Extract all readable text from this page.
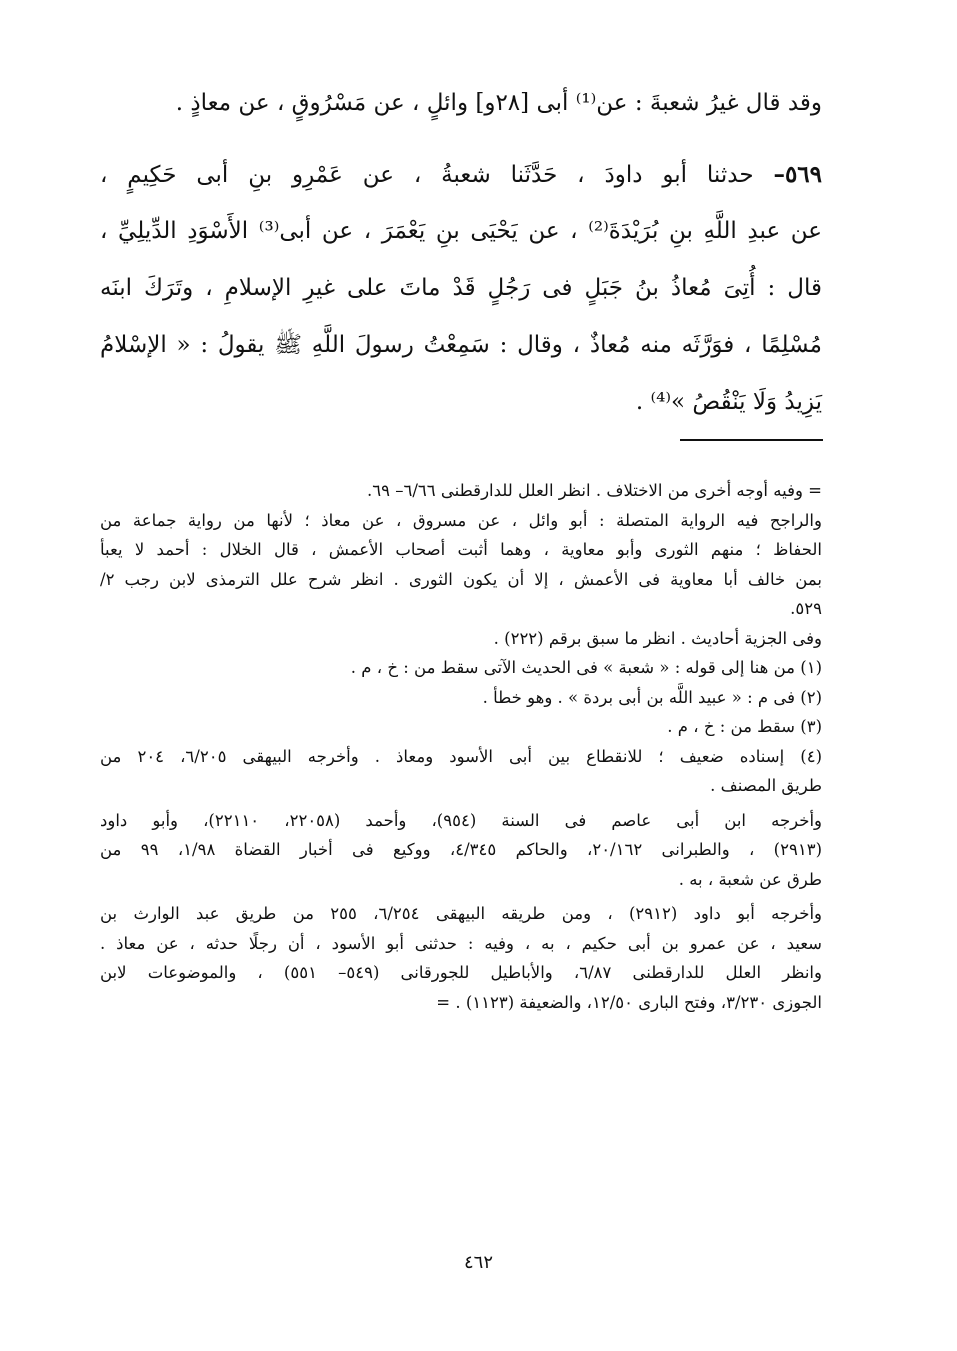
وقد قال غيرُ شعبةَ : عن⁽¹⁾ أبى [٢٨و] وائلٍ ، عن مَسْرُوقٍ ، عن معاذٍ .
٥٦٩– حدثنا أبو داودَ ، حَدَّثَنا شعبةُ ، عن عَمْرِو بنِ أبى حَكِيمٍ ،
عن عبدِ اللَّهِ بنِ بُرَيْدَةَ⁽²⁾ ، عن يَحْيَى بنِ يَعْمَرَ ، عن أبى⁽³⁾ الأَسْوَدِ الدِّيلِيِّ ،
قال : أُتِىَ مُعاذُ بنُ جَبَلٍ فى رَجُلٍ قَدْ ماتَ على غيرِ الإسلامِ ، وتَرَكَ ابنَه
مُسْلِمًا ، فوَرَّثَه منه مُعاذٌ ، وقال : سَمِعْتُ رسولَ اللَّهِ ﷺ يقولُ : « الإسْلامُ
يَزِيدُ وَلَا يَنْقُصُ »⁽⁴⁾ .
= وفيه أوجه أخرى من الاختلاف . انظر العلل للدارقطنى ٦/٦٦– ٦٩.
والراجح فيه الرواية المتصلة : أبو وائل ، عن مسروق ، عن معاذ ؛ لأنها من رواية جماعة من
الحفاظ ؛ منهم الثورى وأبو معاوية ، وهما أثبت أصحاب الأعمش ، قال الخلال : أحمد لا يعبأ
بمن خالف أبا معاوية فى الأعمش ، إلا أن يكون الثورى . انظر شرح علل الترمذى لابن رجب ٢/
٥٢٩.
وفى الجزية أحاديث . انظر ما سبق برقم (٢٢٢) .
(١) من هنا إلى قوله : « شعبة » فى الحديث الآتى سقط من : خ ، م .
(٢) فى م : « عبيد اللَّه بن أبى بردة » . وهو خطأ .
(٣) سقط من : خ ، م .
(٤) إسناده ضعيف ؛ للانقطاع بين أبى الأسود ومعاذ . وأخرجه البيهقى ٦/٢٠٥، ٢٠٤ من
طريق المصنف .
وأخرجه ابن أبى عاصم فى السنة (٩٥٤)، وأحمد (٢٢٠٥٨، ٢٢١١٠)، وأبو داود
(٢٩١٣) ، والطبرانى ٢٠/١٦٢، والحاكم ٤/٣٤٥، ووكيع فى أخبار القضاة ١/٩٨، ٩٩ من
طرق عن شعبة ، به .
وأخرجه أبو داود (٢٩١٢) ، ومن طريقه البيهقى ٦/٢٥٤، ٢٥٥ من طريق عبد الوارث بن
سعيد ، عن عمرو بن أبى حكيم ، به ، وفيه : حدثنى أبو الأسود ، أن رجلًا حدثه ، عن معاذ .
وانظر العلل للدارقطنى ٦/٨٧، والأباطيل للجورقانى (٥٤٩– ٥٥١) ، والموضوعات لابن
الجوزى ٣/٢٣٠، وفتح البارى ١٢/٥٠، والضعيفة (١١٢٣) . =
٤٦٢
